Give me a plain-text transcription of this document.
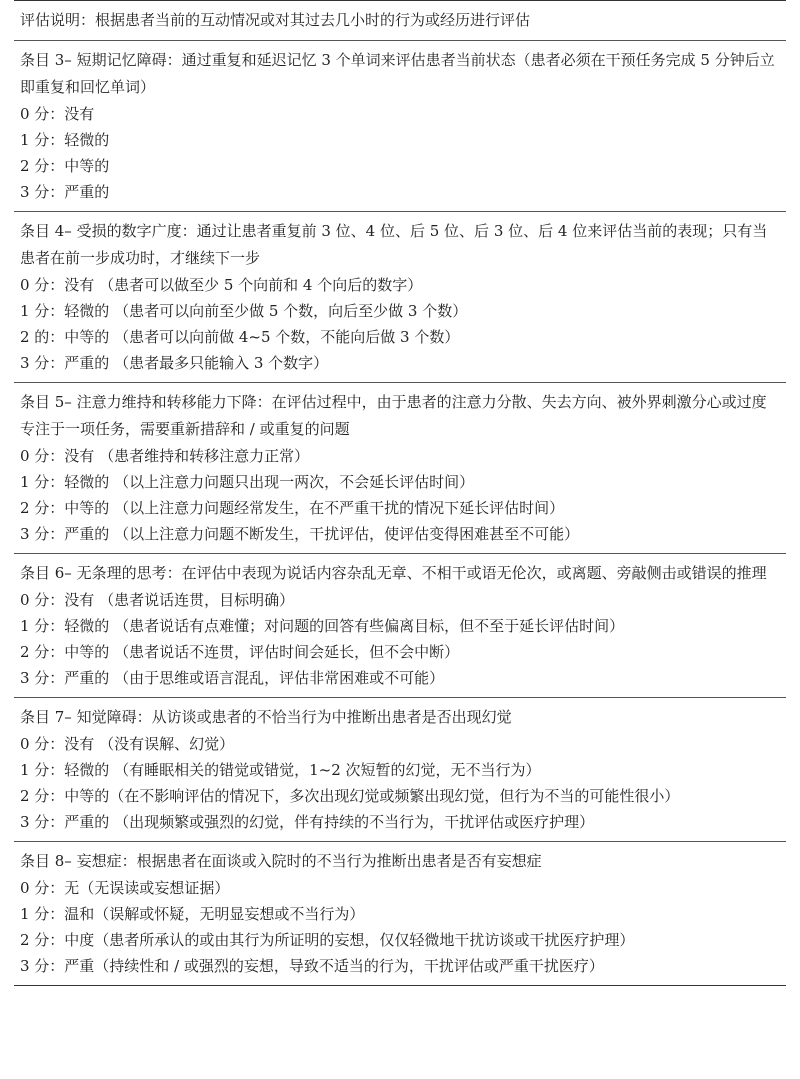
评估说明：根据患者当前的互动情况或对其过去几小时的行为或经历进行评估
条目 3– 短期记忆障碍：通过重复和延迟记忆 3 个单词来评估患者当前状态（患者必须在干预任务完成 5 分钟后立即重复和回忆单词）
0 分：没有
1 分：轻微的
2 分：中等的
3 分：严重的
条目 4– 受损的数字广度：通过让患者重复前 3 位、4 位、后 5 位、后 3 位、后 4 位来评估当前的表现；只有当患者在前一步成功时，才继续下一步
0 分：没有 （患者可以做至少 5 个向前和 4 个向后的数字）
1 分：轻微的 （患者可以向前至少做 5 个数，向后至少做 3 个数）
2 的：中等的 （患者可以向前做 4~5 个数，不能向后做 3 个数）
3 分：严重的 （患者最多只能输入 3 个数字）
条目 5– 注意力维持和转移能力下降：在评估过程中，由于患者的注意力分散、失去方向、被外界刺激分心或过度专注于一项任务，需要重新措辞和 / 或重复的问题
0 分：没有 （患者维持和转移注意力正常）
1 分：轻微的 （以上注意力问题只出现一两次，不会延长评估时间）
2 分：中等的 （以上注意力问题经常发生，在不严重干扰的情况下延长评估时间）
3 分：严重的 （以上注意力问题不断发生，干扰评估，使评估变得困难甚至不可能）
条目 6– 无条理的思考：在评估中表现为说话内容杂乱无章、不相干或语无伦次，或离题、旁敲侧击或错误的推理
0 分：没有 （患者说话连贯，目标明确）
1 分：轻微的 （患者说话有点难懂；对问题的回答有些偏离目标，但不至于延长评估时间）
2 分：中等的 （患者说话不连贯，评估时间会延长，但不会中断）
3 分：严重的 （由于思维或语言混乱，评估非常困难或不可能）
条目 7– 知觉障碍：从访谈或患者的不恰当行为中推断出患者是否出现幻觉
0 分：没有 （没有误解、幻觉）
1 分：轻微的 （有睡眠相关的错觉或错觉，1~2 次短暂的幻觉，无不当行为）
2 分：中等的（在不影响评估的情况下，多次出现幻觉或频繁出现幻觉，但行为不当的可能性很小）
3 分：严重的 （出现频繁或强烈的幻觉，伴有持续的不当行为，干扰评估或医疗护理）
条目 8– 妄想症：根据患者在面谈或入院时的不当行为推断出患者是否有妄想症
0 分：无（无误读或妄想证据）
1 分：温和（误解或怀疑，无明显妄想或不当行为）
2 分：中度（患者所承认的或由其行为所证明的妄想，仅仅轻微地干扰访谈或干扰医疗护理）
3 分：严重（持续性和 / 或强烈的妄想，导致不适当的行为，干扰评估或严重干扰医疗）
